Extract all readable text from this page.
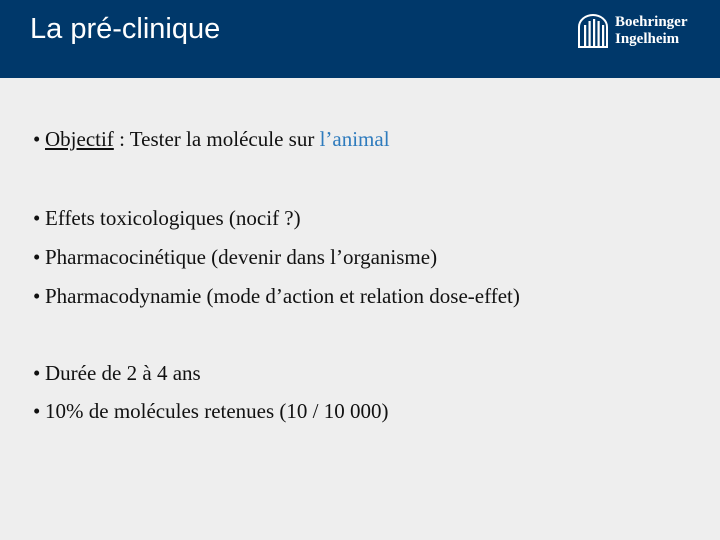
La pré-clinique	Boehringer
Ingelheim
• Objectif : Tester la molécule sur l’animal
• Effets toxicologiques (nocif ?)
• Pharmacocinétique (devenir dans l’organisme)
• Pharmacodynamie (mode d’action et relation dose-effet)
• Durée de 2 à 4 ans
• 10% de molécules retenues (10 / 10 000)
